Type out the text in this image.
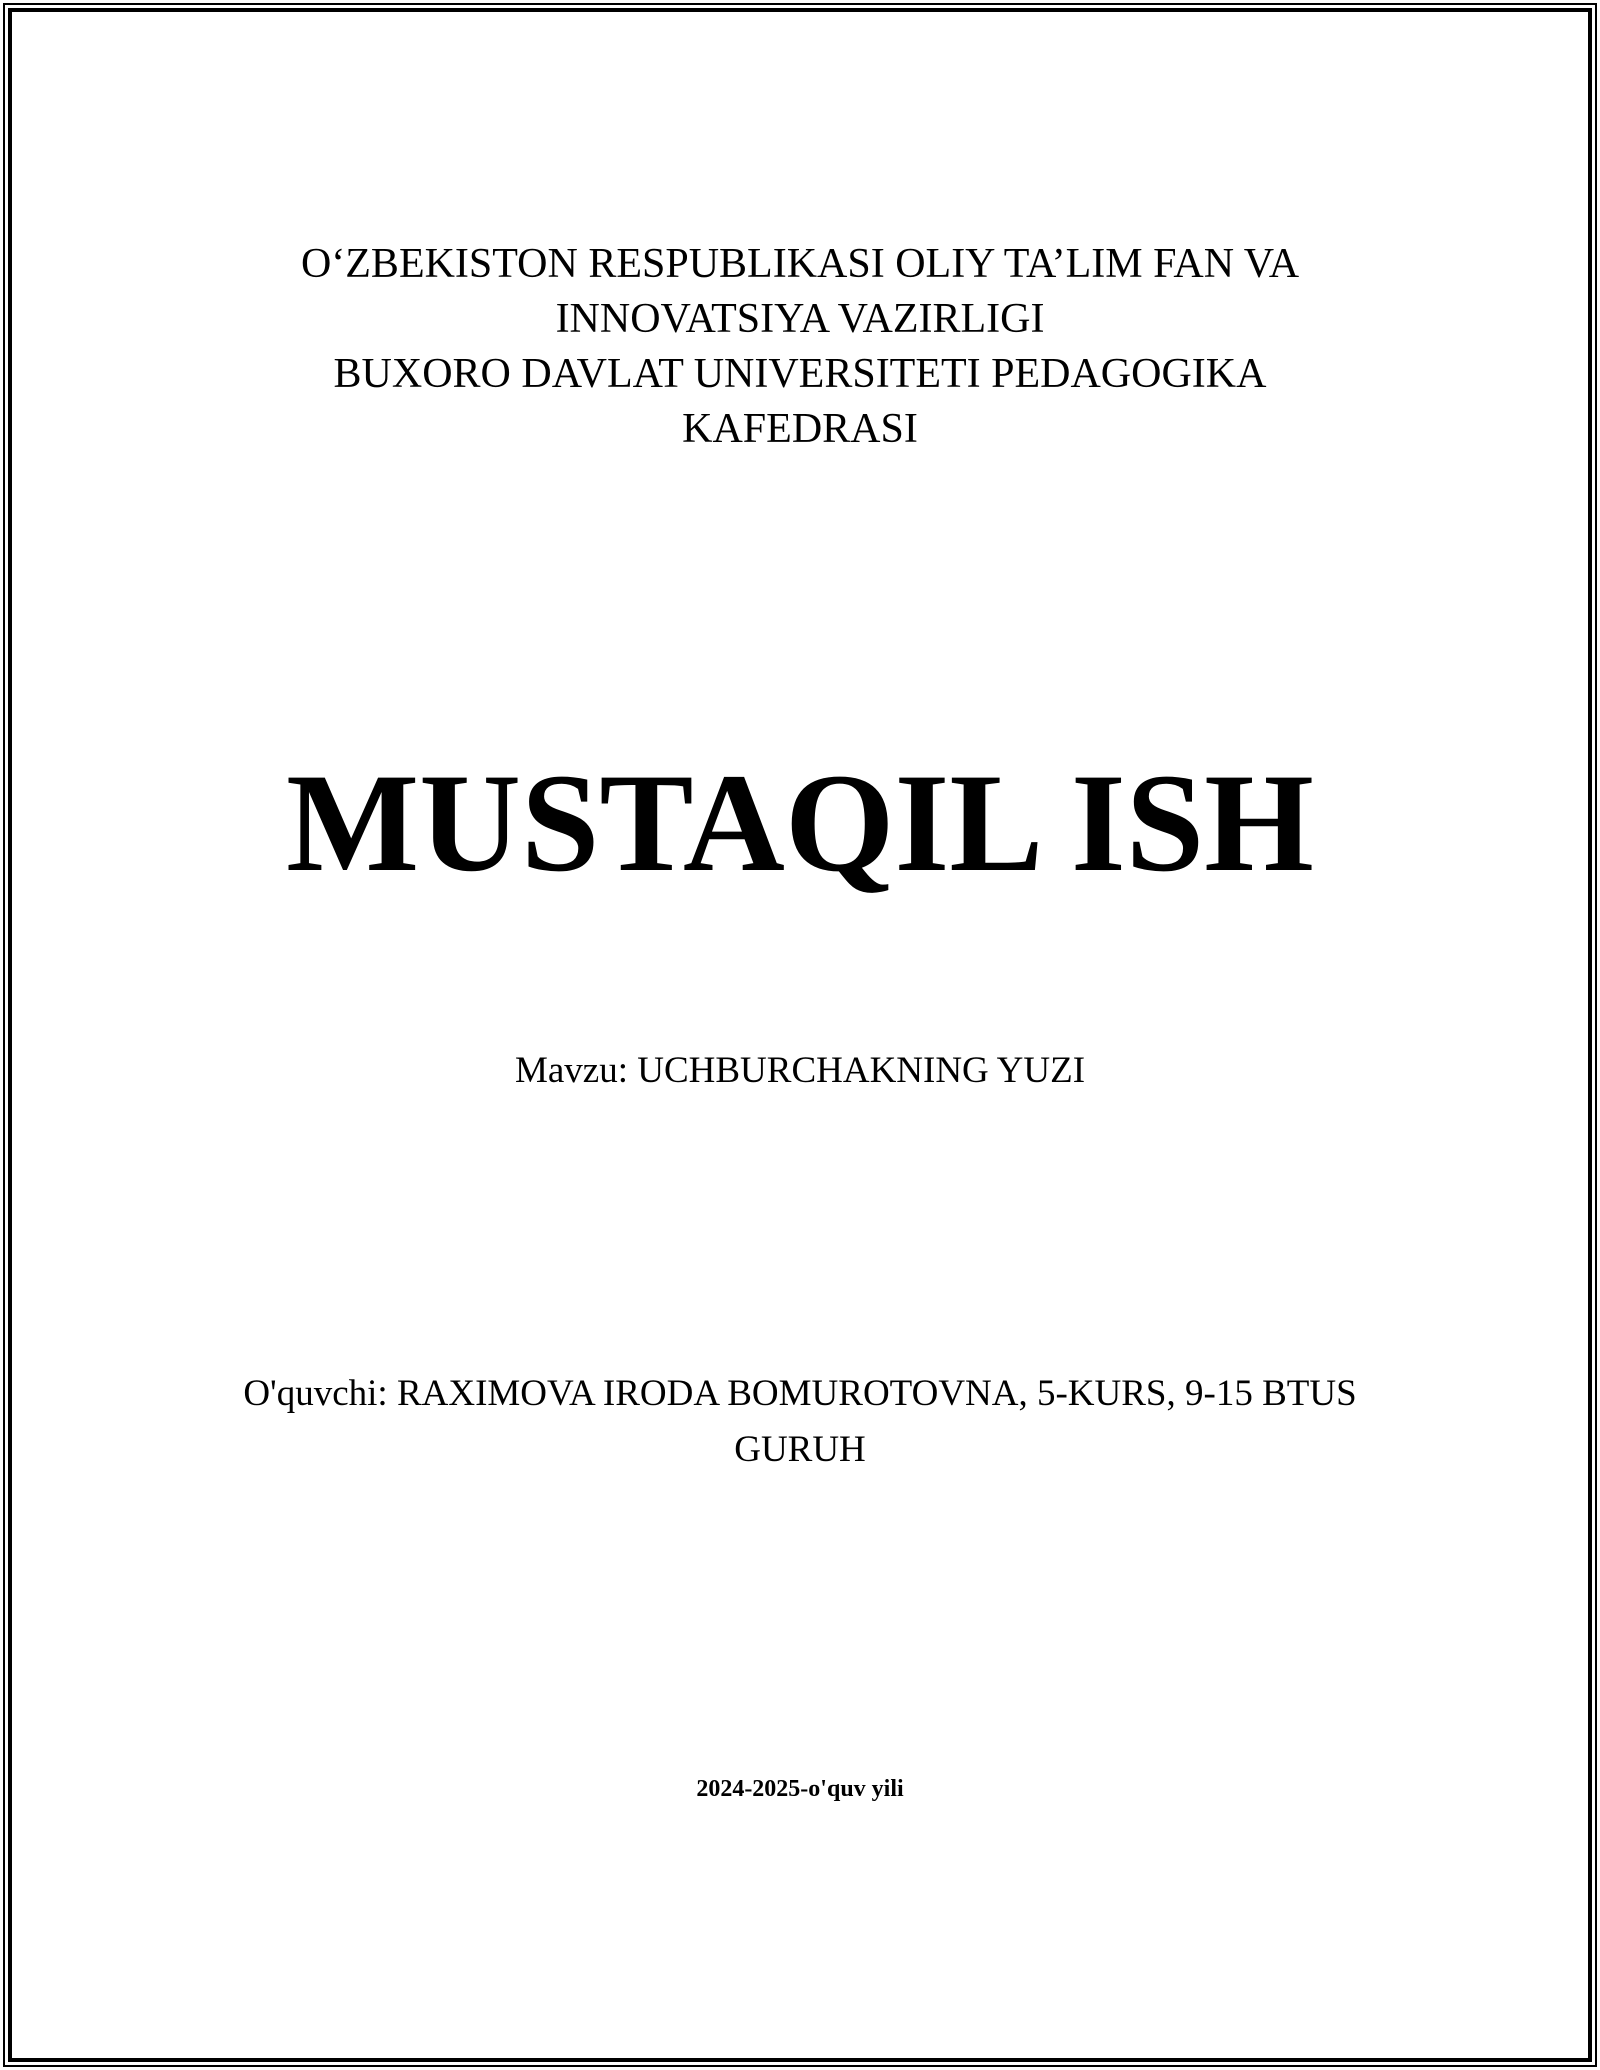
O‘ZBEKISTON RESPUBLIKASI OLIY TA’LIM FAN VA
INNOVATSIYA VAZIRLIGI
BUXORO DAVLAT UNIVERSITETI PEDAGOGIKA
KAFEDRASI
MUSTAQIL ISH
Mavzu: UCHBURCHAKNING YUZI
O'quvchi: RAXIMOVA IRODA BOMUROTOVNA, 5-KURS, 9-15 BTUS
GURUH
2024-2025-o'quv yili
